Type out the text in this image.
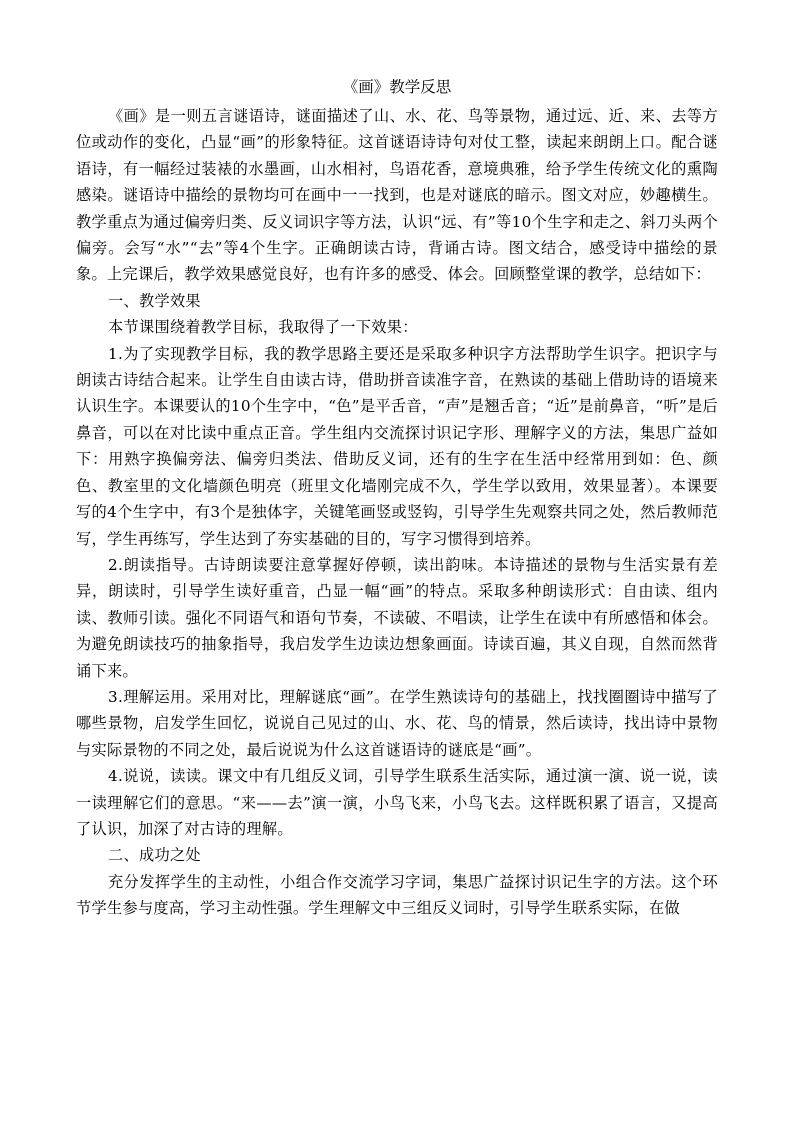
《画》教学反思

《画》是一则五言谜语诗，谜面描述了山、水、花、鸟等景物，通过远、近、来、去等方位或动作的变化，凸显“画”的形象特征。这首谜语诗诗句对仗工整，读起来朗朗上口。配合谜语诗，有一幅经过装裱的水墨画，山水相衬，鸟语花香，意境典雅，给予学生传统文化的熏陶感染。谜语诗中描绘的景物均可在画中一一找到，也是对谜底的暗示。图文对应，妙趣横生。教学重点为通过偏旁归类、反义词识字等方法，认识“远、有”等10个生字和走之、斜刀头两个偏旁。会写“水”“去”等4个生字。正确朗读古诗，背诵古诗。图文结合，感受诗中描绘的景象。上完课后，教学效果感觉良好，也有许多的感受、体会。回顾整堂课的教学，总结如下：

一、教学效果

本节课围绕着教学目标，我取得了一下效果：

1.为了实现教学目标，我的教学思路主要还是采取多种识字方法帮助学生识字。把识字与朗读古诗结合起来。让学生自由读古诗，借助拼音读准字音，在熟读的基础上借助诗的语境来认识生字。本课要认的10个生字中，“色”是平舌音，“声”是翘舌音；“近”是前鼻音，“听”是后鼻音，可以在对比读中重点正音。学生组内交流探讨识记字形、理解字义的方法，集思广益如下：用熟字换偏旁法、偏旁归类法、借助反义词，还有的生字在生活中经常用到如：色、颜色、教室里的文化墙颜色明亮（班里文化墙刚完成不久，学生学以致用，效果显著）。本课要写的4个生字中，有3个是独体字，关键笔画竖或竖钩，引导学生先观察共同之处，然后教师范写，学生再练写，学生达到了夯实基础的目的，写字习惯得到培养。

2.朗读指导。古诗朗读要注意掌握好停顿，读出韵味。本诗描述的景物与生活实景有差异，朗读时，引导学生读好重音，凸显一幅“画”的特点。采取多种朗读形式：自由读、组内读、教师引读。强化不同语气和语句节奏，不读破、不唱读，让学生在读中有所感悟和体会。为避免朗读技巧的抽象指导，我启发学生边读边想象画面。诗读百遍，其义自现，自然而然背诵下来。

3.理解运用。采用对比，理解谜底“画”。在学生熟读诗句的基础上，找找圈圈诗中描写了哪些景物，启发学生回忆，说说自己见过的山、水、花、鸟的情景，然后读诗，找出诗中景物与实际景物的不同之处，最后说说为什么这首谜语诗的谜底是“画”。

4.说说，读读。课文中有几组反义词，引导学生联系生活实际，通过演一演、说一说，读一读理解它们的意思。“来——去”演一演，小鸟飞来，小鸟飞去。这样既积累了语言，又提高了认识，加深了对古诗的理解。

二、成功之处

充分发挥学生的主动性，小组合作交流学习字词，集思广益探讨识记生字的方法。这个环节学生参与度高，学习主动性强。学生理解文中三组反义词时，引导学生联系实际，在做
